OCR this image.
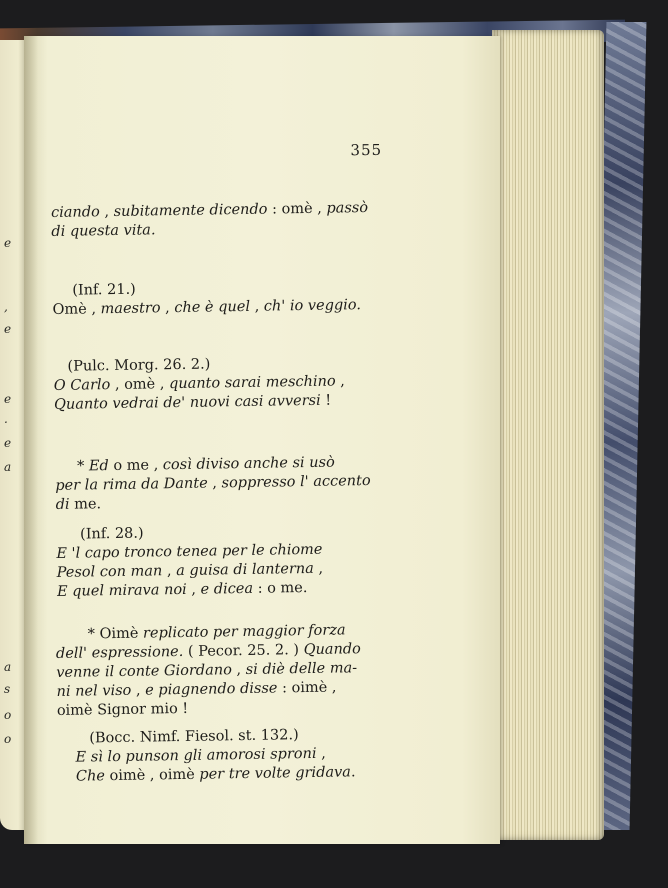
e
,
e
e
.
e
a
a
s
o
o
355
ciando , subitamente dicendo : omè , passò
di questa vita.
(Inf. 21.)
Omè , maestro , che è quel , ch' io veggio.
(Pulc. Morg. 26. 2.)
O Carlo , omè , quanto sarai meschino ,
Quanto vedrai de' nuovi casi avversi !
* Ed o me , così diviso anche si usò
per la rima da Dante , soppresso l' accento
di me.
(Inf. 28.)
E 'l capo tronco tenea per le chiome
Pesol con man , a guisa di lanterna ,
E quel mirava noi , e dicea : o me.
* Oimè replicato per maggior forza
dell' espressione. ( Pecor. 25. 2. ) Quando
venne il conte Giordano , si diè delle ma-
ni nel viso , e piagnendo disse : oimè ,
oimè Signor mio !
(Bocc. Nimf. Fiesol. st. 132.)
E sì lo punson gli amorosi sproni ,
Che oimè , oimè per tre volte gridava.
